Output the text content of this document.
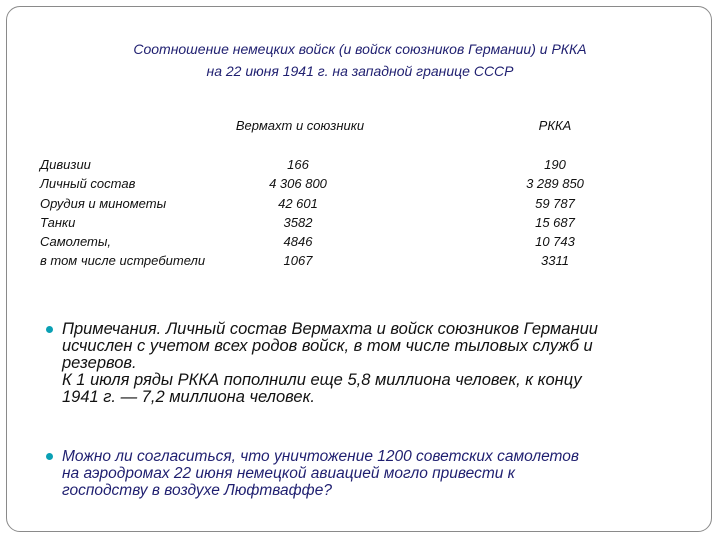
Соотношение немецких войск (и войск союзников Германии) и РККА
на 22 июня 1941 г. на западной границе СССР
Вермахт и союзники	РККА
Дивизии
Личный состав
Орудия и минометы
Танки
Самолеты,
в том числе истребители
166
4 306 800
42 601
3582
4846
1067
190
3 289 850
59 787
15 687
10 743
3311
Примечания. Личный состав Вермахта и войск союзников Германии
исчислен с учетом всех родов войск, в том числе тыловых служб и
резервов.
К 1 июля ряды РККА пополнили еще 5,8 миллиона человек, к концу
1941 г. — 7,2 миллиона человек.
Можно ли согласиться, что уничтожение 1200 советских самолетов
на аэродромах 22 июня немецкой авиацией могло привести к
господству в воздухе Люфтваффе?
